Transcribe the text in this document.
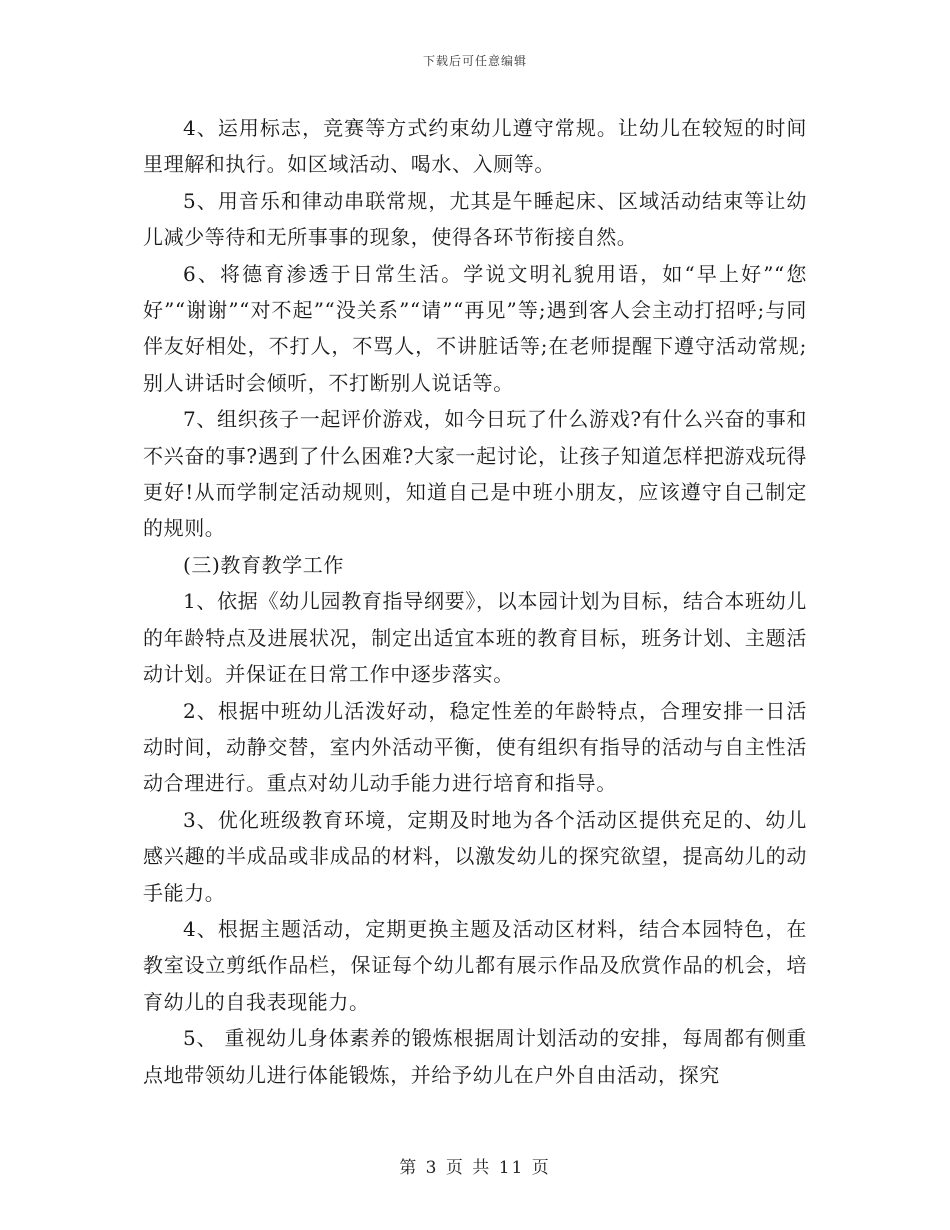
下载后可任意编辑

4、运用标志，竞赛等方式约束幼儿遵守常规。让幼儿在较短的时间里理解和执行。如区域活动、喝水、入厕等。

5、用音乐和律动串联常规，尤其是午睡起床、区域活动结束等让幼儿减少等待和无所事事的现象，使得各环节衔接自然。

6、将德育渗透于日常生活。学说文明礼貌用语，如“早上好”“您好”“谢谢”“对不起”“没关系”“请”“再见”等;遇到客人会主动打招呼;与同伴友好相处，不打人，不骂人，不讲脏话等;在老师提醒下遵守活动常规;别人讲话时会倾听，不打断别人说话等。

7、组织孩子一起评价游戏，如今日玩了什么游戏?有什么兴奋的事和不兴奋的事?遇到了什么困难?大家一起讨论，让孩子知道怎样把游戏玩得更好!从而学制定活动规则，知道自己是中班小朋友，应该遵守自己制定的规则。

(三)教育教学工作

1、依据《幼儿园教育指导纲要》，以本园计划为目标，结合本班幼儿的年龄特点及进展状况，制定出适宜本班的教育目标，班务计划、主题活动计划。并保证在日常工作中逐步落实。

2、根据中班幼儿活泼好动，稳定性差的年龄特点，合理安排一日活动时间，动静交替，室内外活动平衡，使有组织有指导的活动与自主性活动合理进行。重点对幼儿动手能力进行培育和指导。

3、优化班级教育环境，定期及时地为各个活动区提供充足的、幼儿感兴趣的半成品或非成品的材料，以激发幼儿的探究欲望，提高幼儿的动手能力。

4、根据主题活动，定期更换主题及活动区材料，结合本园特色，在教室设立剪纸作品栏，保证每个幼儿都有展示作品及欣赏作品的机会，培育幼儿的自我表现能力。

5、 重视幼儿身体素养的锻炼根据周计划活动的安排，每周都有侧重点地带领幼儿进行体能锻炼，并给予幼儿在户外自由活动，探究

第 3 页 共 11 页
